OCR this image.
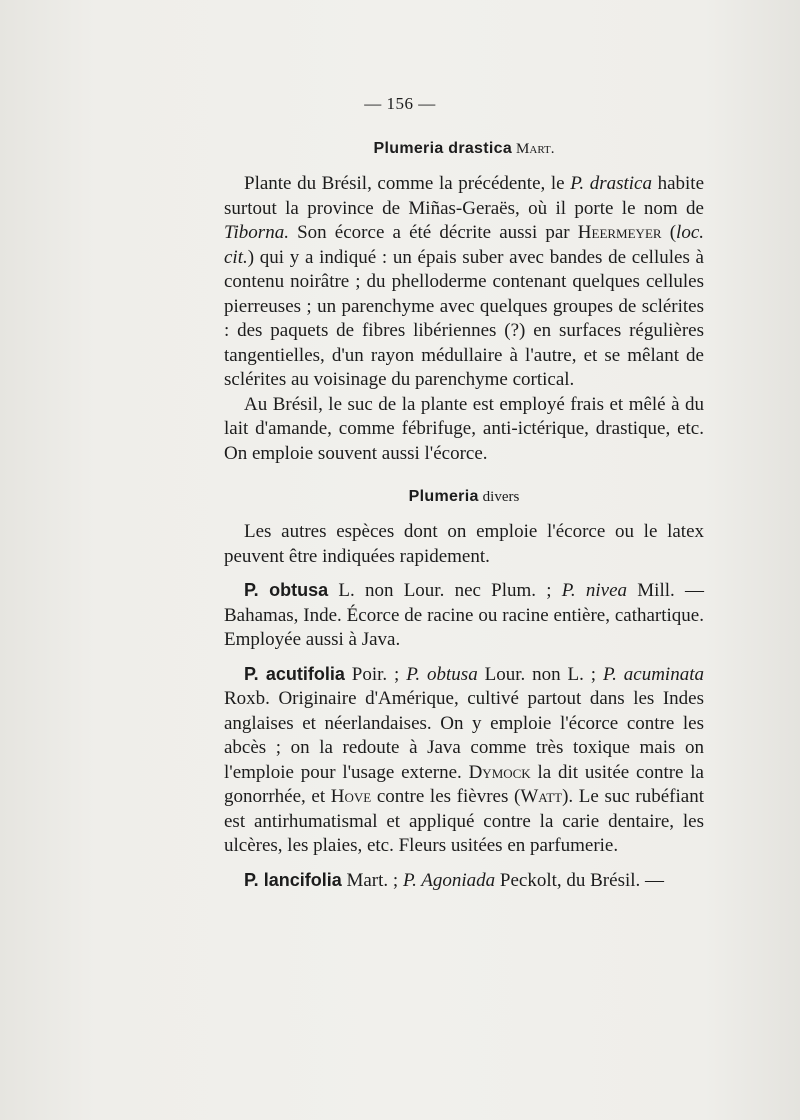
— 156 —
Plumeria drastica Mart.

Plante du Brésil, comme la précédente, le P. drastica habite surtout la province de Miñas-Geraës, où il porte le nom de Tiborna. Son écorce a été décrite aussi par Heermeyer (loc. cit.) qui y a indiqué : un épais suber avec bandes de cellules à contenu noirâtre ; du phelloderme contenant quelques cellules pierreuses ; un parenchyme avec quelques groupes de sclérites : des paquets de fibres libériennes (?) en surfaces régulières tangentielles, d'un rayon médullaire à l'autre, et se mêlant de sclérites au voisinage du parenchyme cortical.

Au Brésil, le suc de la plante est employé frais et mêlé à du lait d'amande, comme fébrifuge, anti-ictérique, drastique, etc. On emploie souvent aussi l'écorce.

Plumeria divers

Les autres espèces dont on emploie l'écorce ou le latex peuvent être indiquées rapidement.

P. obtusa L. non Lour. nec Plum. ; P. nivea Mill. — Bahamas, Inde. Écorce de racine ou racine entière, cathartique. Employée aussi à Java.

P. acutifolia Poir. ; P. obtusa Lour. non L. ; P. acuminata Roxb. Originaire d'Amérique, cultivé partout dans les Indes anglaises et néerlandaises. On y emploie l'écorce contre les abcès ; on la redoute à Java comme très toxique mais on l'emploie pour l'usage externe. Dymock la dit usitée contre la gonorrhée, et Hove contre les fièvres (Watt). Le suc rubéfiant est antirhumatismal et appliqué contre la carie dentaire, les ulcères, les plaies, etc. Fleurs usitées en parfumerie.

P. lancifolia Mart. ; P. Agoniada Peckolt, du Brésil. —
